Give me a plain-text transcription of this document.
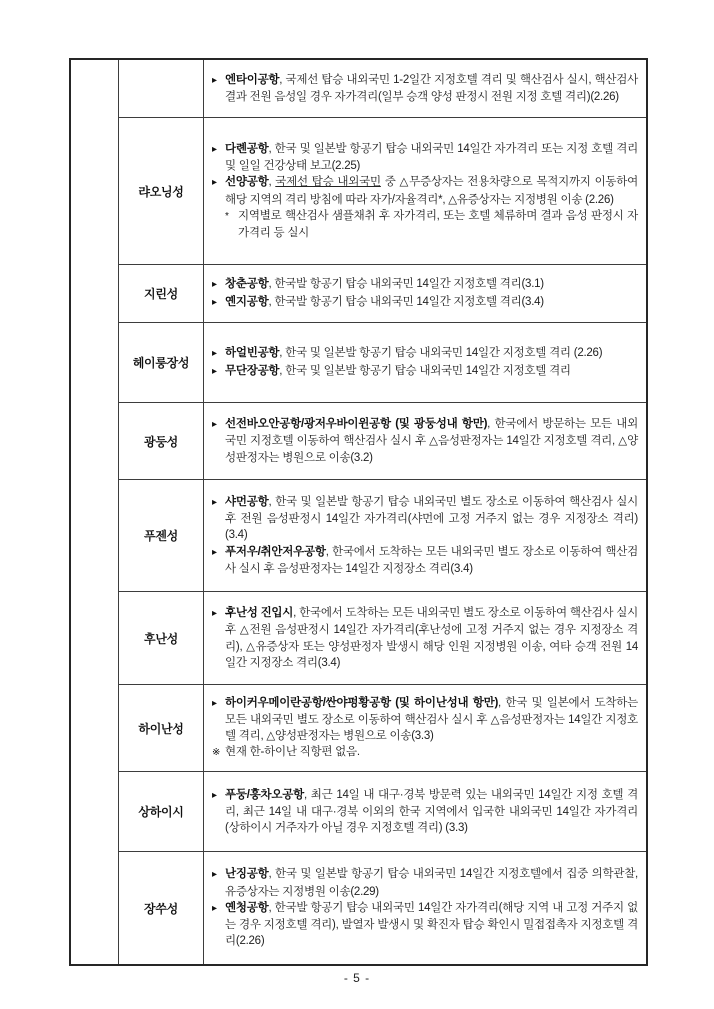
▸ 엔타이공항, 국제선 탑승 내외국민 1-2일간 지정호텔 격리 및 핵산검사 실시, 핵산검사 결과 전원 음성일 경우 자가격리(일부 승객 양성 판정시 전원 지정 호텔 격리)(2.26)
랴오닝성
▸ 다롄공항, 한국 및 일본발 항공기 탑승 내외국민 14일간 자가격리 또는 지정 호텔 격리 및 일일 건강상태 보고(2.25)
▸ 선양공항, 국제선 탑승 내외국민 중 △무증상자는 전용차량으로 목적지까지 이동하여 해당 지역의 격리 방침에 따라 자가/자율격리*, △유증상자는 지정병원 이송 (2.26)
* 지역별로 핵산검사 샘플채취 후 자가격리, 또는 호텔 체류하며 결과 음성 판정시 자가격리 등 실시
지린성
▸ 창춘공항, 한국발 항공기 탑승 내외국민 14일간 지정호텔 격리(3.1)
▸ 옌지공항, 한국발 항공기 탑승 내외국민 14일간 지정호텔 격리(3.4)
헤이룽장성
▸ 하얼빈공항, 한국 및 일본발 항공기 탑승 내외국민 14일간 지정호텔 격리 (2.26)
▸ 무단장공항, 한국 및 일본발 항공기 탑승 내외국민 14일간 지정호텔 격리
광둥성
▸ 선전바오안공항/광저우바이윈공항 (및 광둥성내 항만), 한국에서 방문하는 모든 내외국민 지정호텔 이동하여 핵산검사 실시 후 △음성판정자는 14일간 지정호텔 격리, △양성판정자는 병원으로 이송(3.2)
푸젠성
▸ 샤먼공항, 한국 및 일본발 항공기 탑승 내외국민 별도 장소로 이동하여 핵산검사 실시 후 전원 음성판정시 14일간 자가격리(샤먼에 고정 거주지 없는 경우 지정장소 격리)(3.4)
▸ 푸저우/취안저우공항, 한국에서 도착하는 모든 내외국민 별도 장소로 이동하여 핵산검사 실시 후 음성판정자는 14일간 지정장소 격리(3.4)
후난성
▸ 후난성 진입시, 한국에서 도착하는 모든 내외국민 별도 장소로 이동하여 핵산검사 실시 후 △전원 음성판정시 14일간 자가격리(후난성에 고정 거주지 없는 경우 지정장소 격리), △유증상자 또는 양성판정자 발생시 해당 인원 지정병원 이송, 여타 승객 전원 14일간 지정장소 격리(3.4)
하이난성
▸ 하이커우메이란공항/싼야펑황공항 (및 하이난성내 항만), 한국 및 일본에서 도착하는 모든 내외국민 별도 장소로 이동하여 핵산검사 실시 후 △음성판정자는 14일간 지정호텔 격리, △양성판정자는 병원으로 이송(3.3)
※ 현재 한-하이난 직항편 없음.
상하이시
▸ 푸둥/훙차오공항, 최근 14일 내 대구·경북 방문력 있는 내외국민 14일간 지정 호텔 격리, 최근 14일 내 대구·경북 이외의 한국 지역에서 입국한 내외국민 14일간 자가격리(상하이시 거주자가 아닐 경우 지정호텔 격리) (3.3)
장쑤성
▸ 난징공항, 한국 및 일본발 항공기 탑승 내외국민 14일간 지정호텔에서 집중 의학관찰, 유증상자는 지정병원 이송(2.29)
▸ 옌청공항, 한국발 항공기 탑승 내외국민 14일간 자가격리(해당 지역 내 고정 거주지 없는 경우 지정호텔 격리), 발열자 발생시 및 확진자 탑승 확인시 밀접접촉자 지정호텔 격리(2.26)
- 5 -
